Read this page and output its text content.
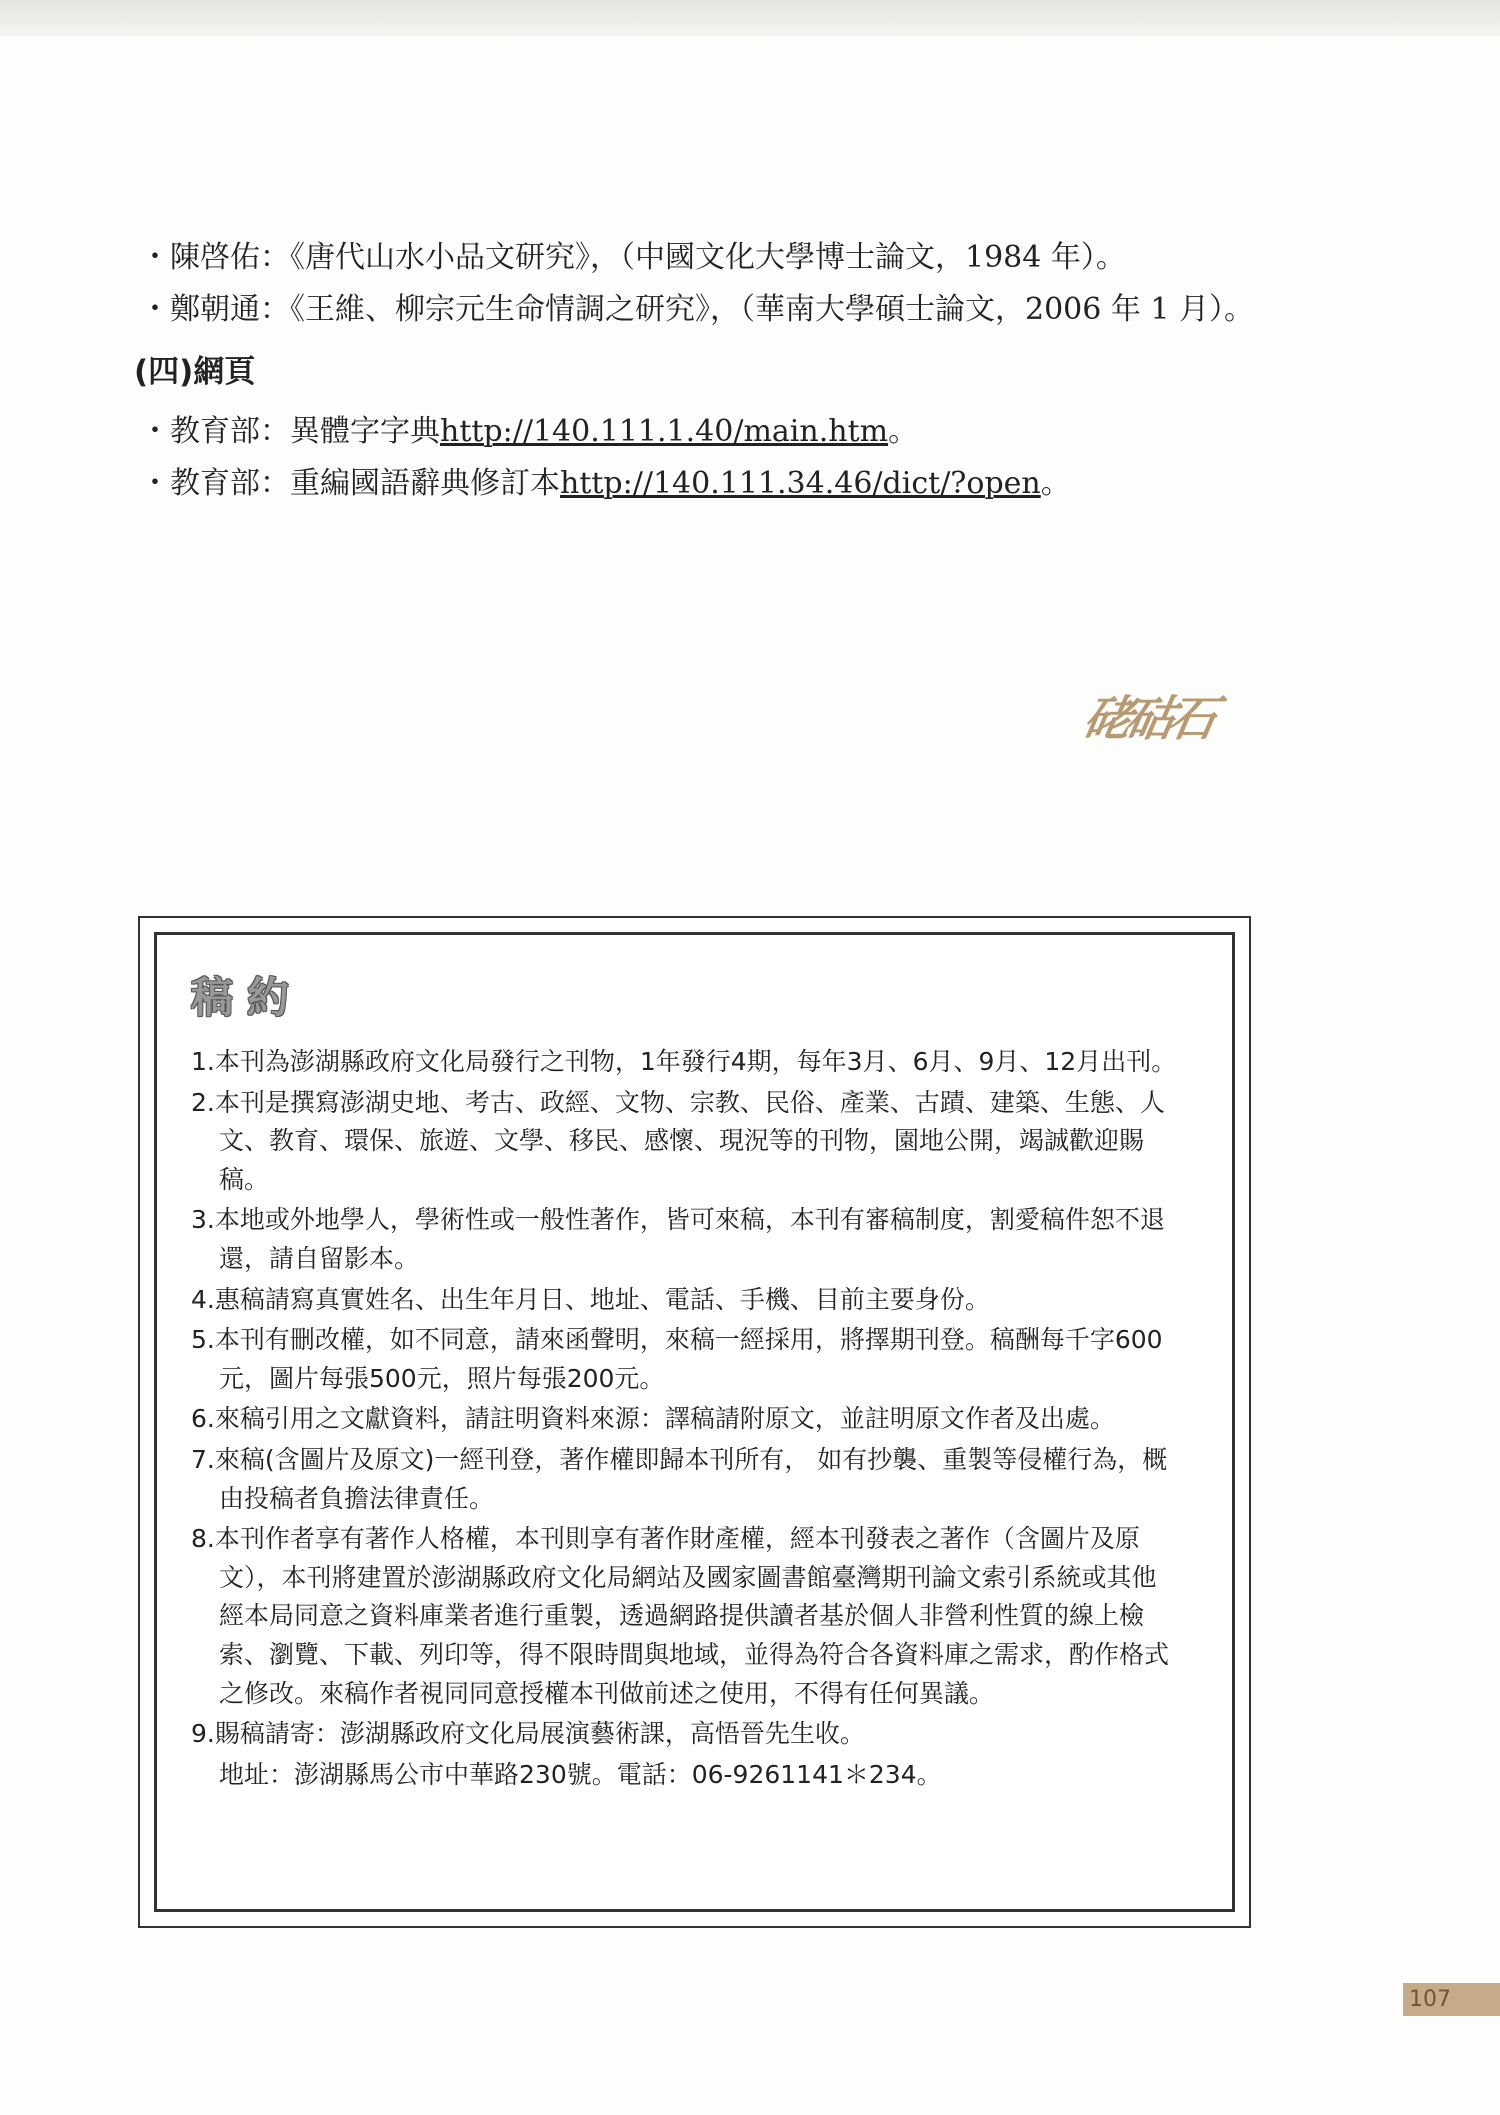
・陳啓佑：《唐代山水小品文研究》，（中國文化大學博士論文，1984 年）。
・鄭朝通：《王維、柳宗元生命情調之研究》，（華南大學碩士論文，2006 年 1 月）。
(四)網頁
・教育部：異體字字典http://140.111.1.40/main.htm。
・教育部：重編國語辭典修訂本http://140.111.34.46/dict/?open。
硓𥑮石
稿約
1.本刊為澎湖縣政府文化局發行之刊物，1年發行4期，每年3月、6月、9月、12月出刊。
2.本刊是撰寫澎湖史地、考古、政經、文物、宗教、民俗、產業、古蹟、建築、生態、人文、教育、環保、旅遊、文學、移民、感懷、現況等的刊物，園地公開，竭誠歡迎賜稿。
3.本地或外地學人，學術性或一般性著作，皆可來稿，本刊有審稿制度，割愛稿件恕不退還，請自留影本。
4.惠稿請寫真實姓名、出生年月日、地址、電話、手機、目前主要身份。
5.本刊有刪改權，如不同意，請來函聲明，來稿一經採用，將擇期刊登。稿酬每千字600元，圖片每張500元，照片每張200元。
6.來稿引用之文獻資料，請註明資料來源：譯稿請附原文，並註明原文作者及出處。
7.來稿(含圖片及原文)一經刊登，著作權即歸本刊所有， 如有抄襲、重製等侵權行為，概由投稿者負擔法律責任。
8.本刊作者享有著作人格權，本刊則享有著作財產權，經本刊發表之著作（含圖片及原文），本刊將建置於澎湖縣政府文化局網站及國家圖書館臺灣期刊論文索引系統或其他經本局同意之資料庫業者進行重製，透過網路提供讀者基於個人非營利性質的線上檢索、瀏覽、下載、列印等，得不限時間與地域，並得為符合各資料庫之需求，酌作格式之修改。來稿作者視同同意授權本刊做前述之使用，不得有任何異議。
9.賜稿請寄：澎湖縣政府文化局展演藝術課，高悟晉先生收。
地址：澎湖縣馬公市中華路230號。電話：06-9261141＊234。
107
